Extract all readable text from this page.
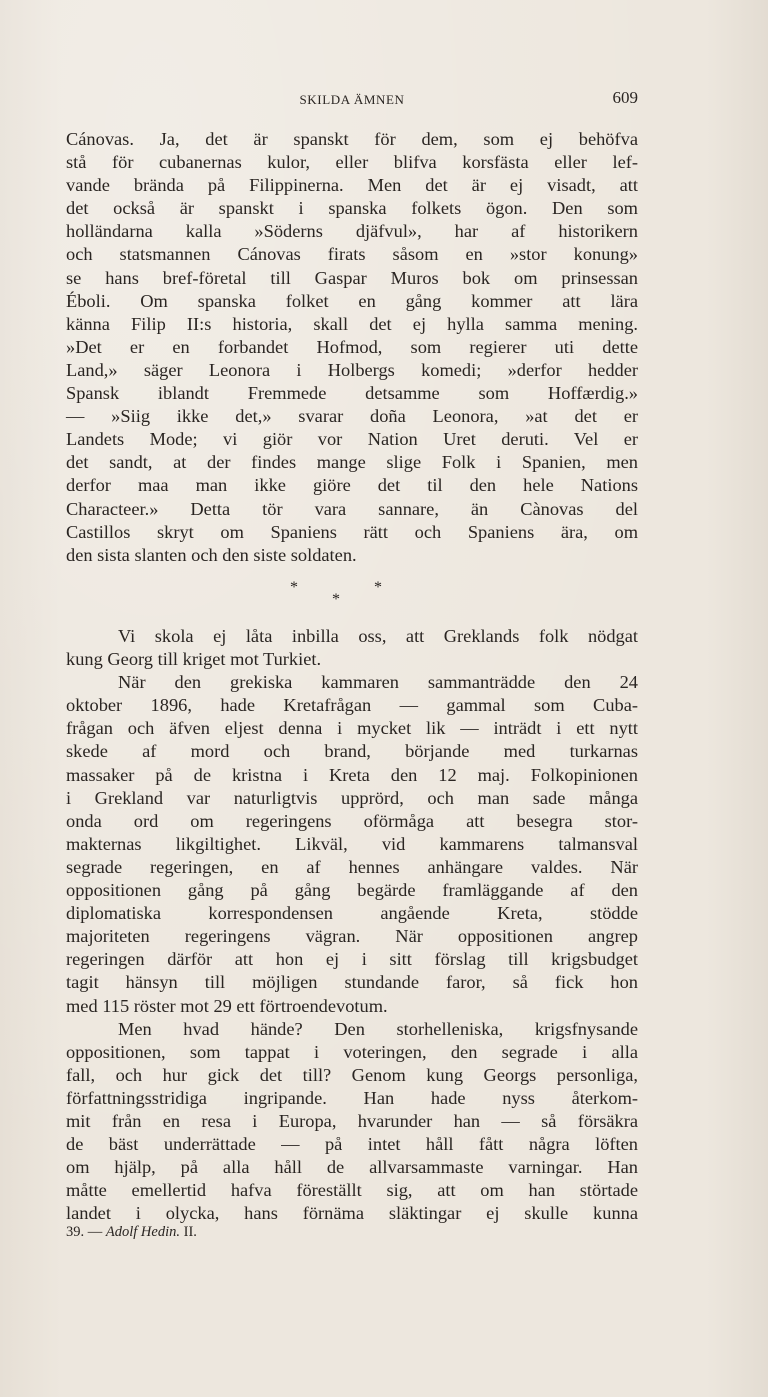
SKILDA ÄMNEN	609
Cánovas. Ja, det är spanskt för dem, som ej behöfva
stå för cubanernas kulor, eller blifva korsfästa eller lef-
vande brända på Filippinerna. Men det är ej visadt, att
det också är spanskt i spanska folkets ögon. Den som
holländarna kalla »Söderns djäfvul», har af historikern
och statsmannen Cánovas firats såsom en »stor konung»
se hans bref-företal till Gaspar Muros bok om prinsessan
Éboli. Om spanska folket en gång kommer att lära
känna Filip II:s historia, skall det ej hylla samma mening.
»Det er en forbandet Hofmod, som regierer uti dette
Land,» säger Leonora i Holbergs komedi; »derfor hedder
Spansk iblandt Fremmede detsamme som Hoffærdig.»
— »Siig ikke det,» svarar doña Leonora, »at det er
Landets Mode; vi giör vor Nation Uret deruti. Vel er
det sandt, at der findes mange slige Folk i Spanien, men
derfor maa man ikke giöre det til den hele Nations
Characteer.» Detta tör vara sannare, än Cànovas del
Castillos skryt om Spaniens rätt och Spaniens ära, om
den sista slanten och den siste soldaten.
*	*
*
Vi skola ej låta inbilla oss, att Greklands folk nödgat
kung Georg till kriget mot Turkiet.
När den grekiska kammaren sammanträdde den 24
oktober 1896, hade Kretafrågan — gammal som Cuba-
frågan och äfven eljest denna i mycket lik — inträdt i ett nytt
skede af mord och brand, börjande med turkarnas
massaker på de kristna i Kreta den 12 maj. Folkopinionen
i Grekland var naturligtvis upprörd, och man sade många
onda ord om regeringens oförmåga att besegra stor-
makternas likgiltighet. Likväl, vid kammarens talmansval
segrade regeringen, en af hennes anhängare valdes. När
oppositionen gång på gång begärde framläggande af den
diplomatiska korrespondensen angående Kreta, stödde
majoriteten regeringens vägran. När oppositionen angrep
regeringen därför att hon ej i sitt förslag till krigsbudget
tagit hänsyn till möjligen stundande faror, så fick hon
med 115 röster mot 29 ett förtroendevotum.
Men hvad hände? Den storhelleniska, krigsfnysande
oppositionen, som tappat i voteringen, den segrade i alla
fall, och hur gick det till? Genom kung Georgs personliga,
författningsstridiga ingripande. Han hade nyss återkom-
mit från en resa i Europa, hvarunder han — så försäkra
de bäst underrättade — på intet håll fått några löften
om hjälp, på alla håll de allvarsammaste varningar. Han
måtte emellertid hafva föreställt sig, att om han störtade
landet i olycka, hans förnäma släktingar ej skulle kunna
39. — Adolf Hedin. II.
